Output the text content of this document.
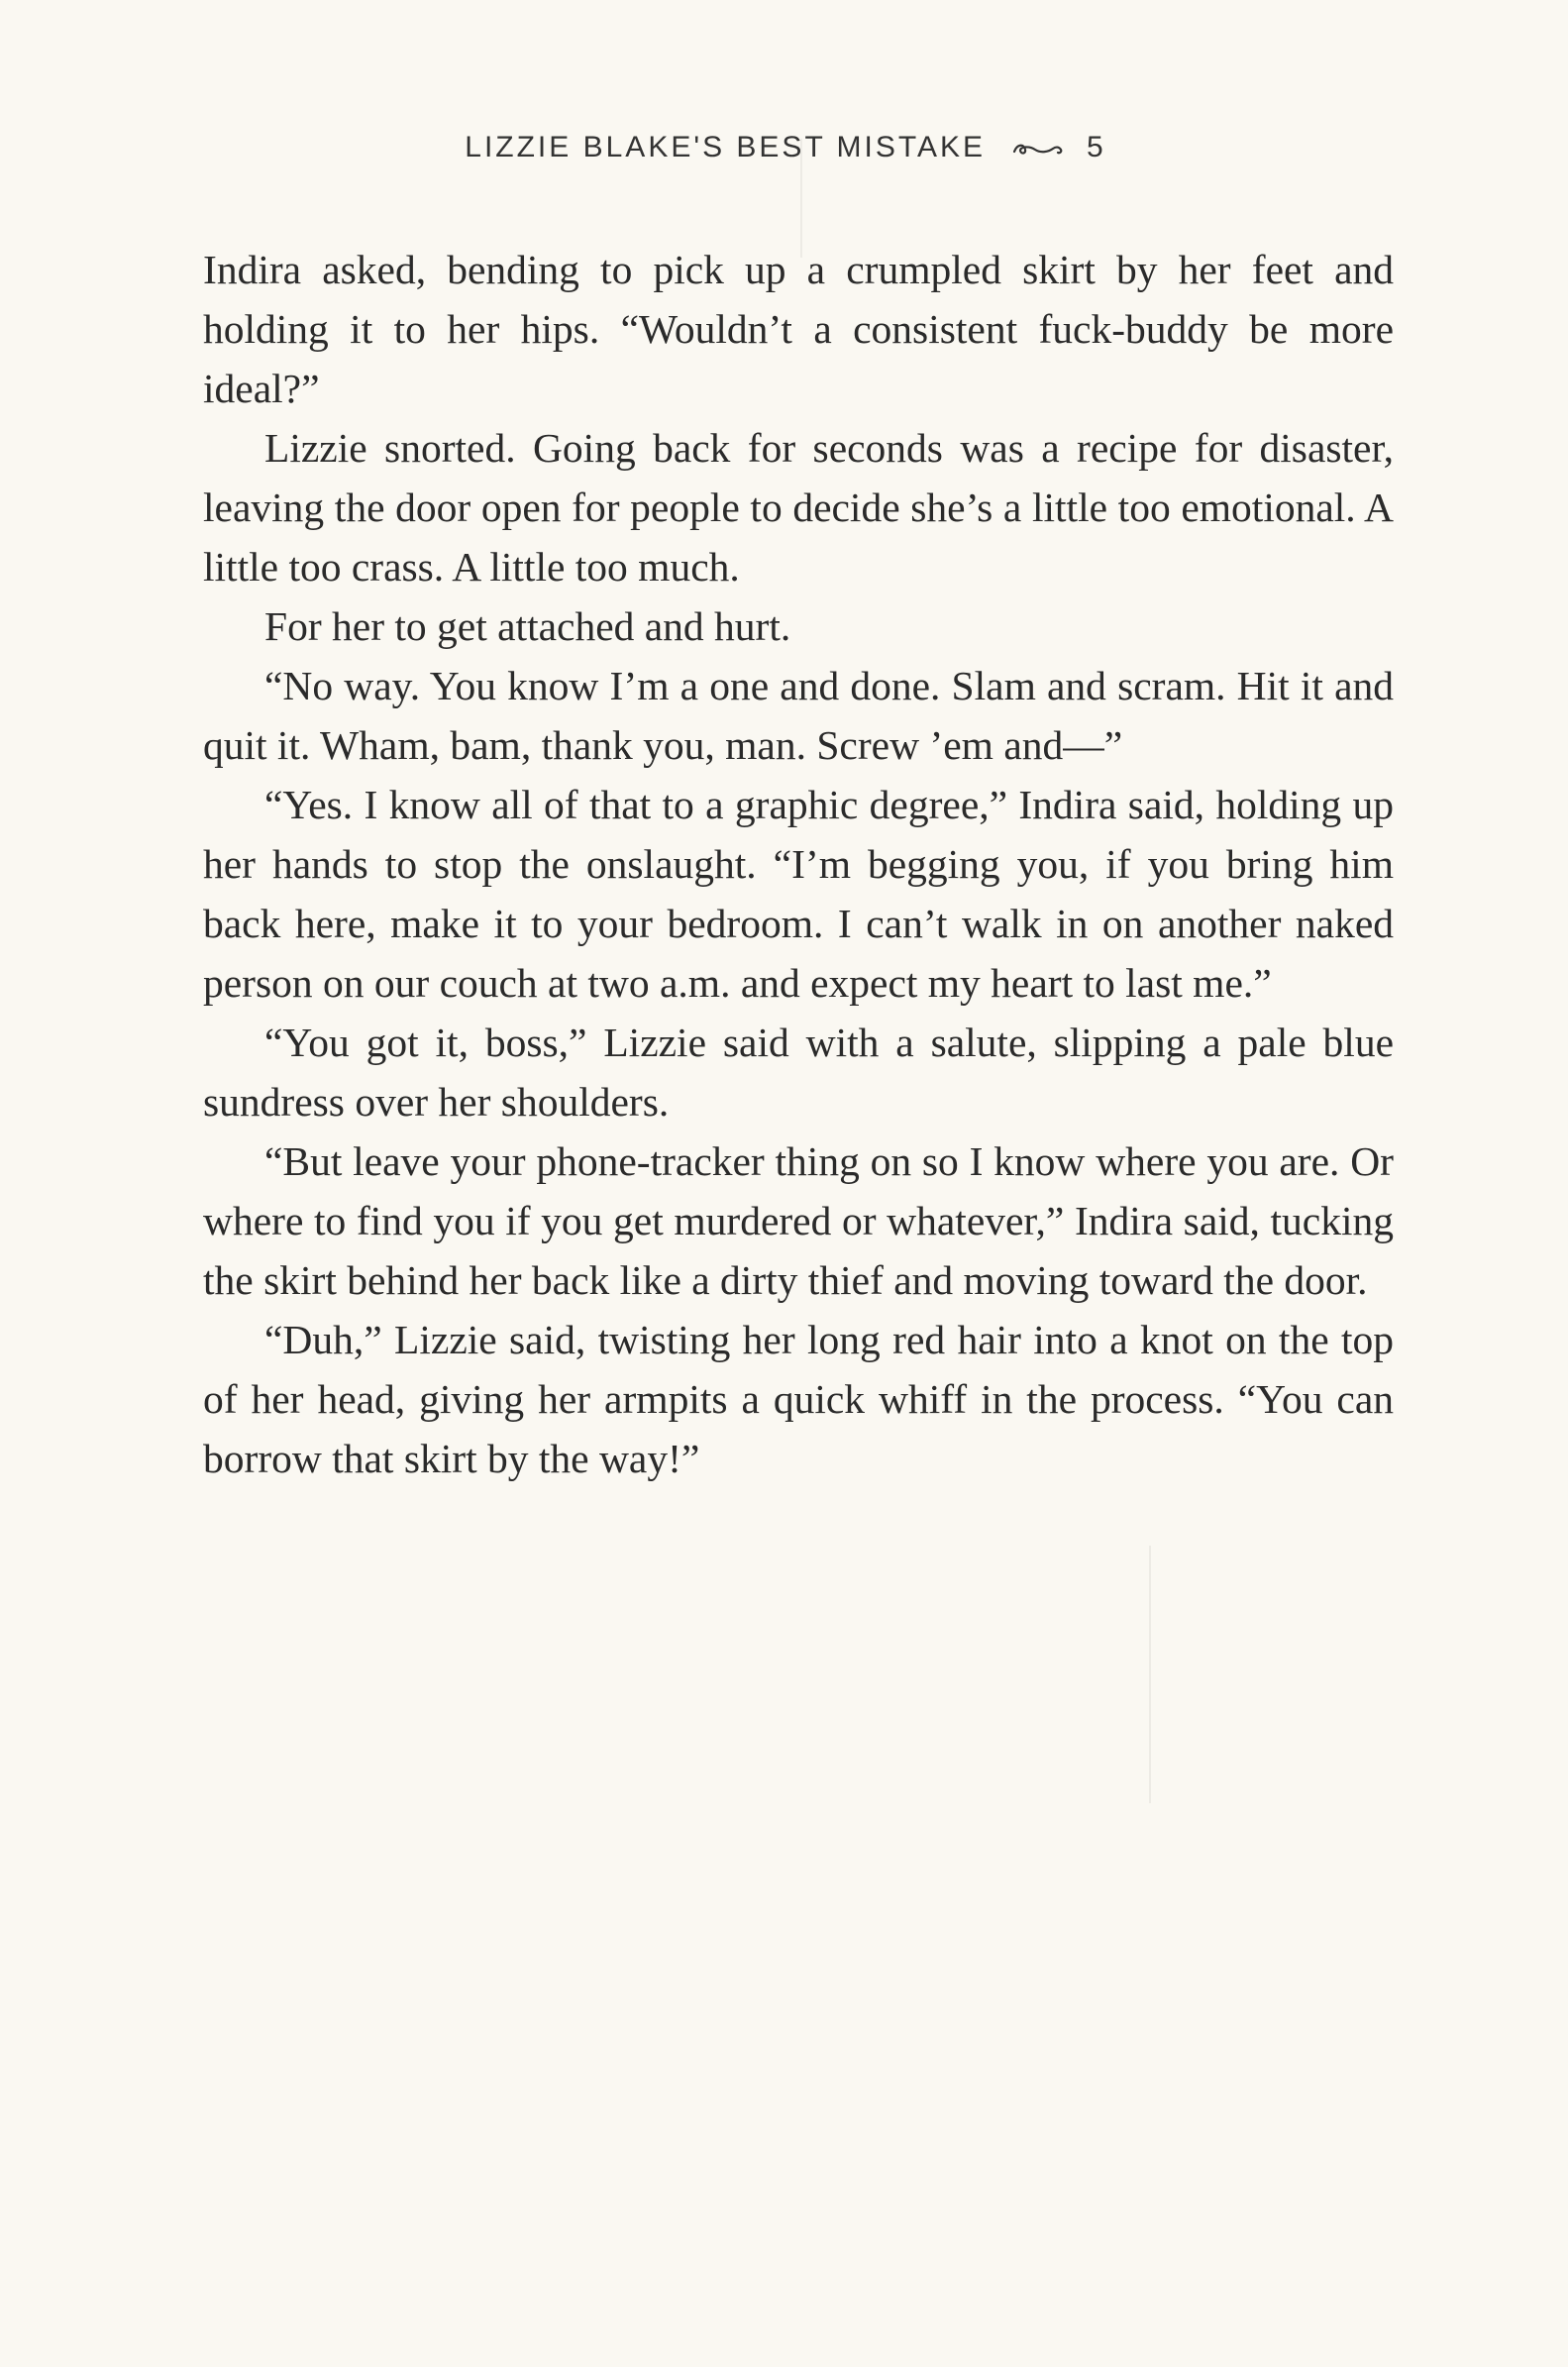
LIZZIE BLAKE'S BEST MISTAKE	5

Indira asked, bending to pick up a crumpled skirt by her feet and holding it to her hips. “Wouldn’t a consistent fuck-buddy be more ideal?”

Lizzie snorted. Going back for seconds was a recipe for disaster, leaving the door open for people to decide she’s a little too emotional. A little too crass. A little too much.

For her to get attached and hurt.

“No way. You know I’m a one and done. Slam and scram. Hit it and quit it. Wham, bam, thank you, man. Screw ’em and—”

“Yes. I know all of that to a graphic degree,” Indira said, holding up her hands to stop the onslaught. “I’m begging you, if you bring him back here, make it to your bedroom. I can’t walk in on another naked person on our couch at two a.m. and expect my heart to last me.”

“You got it, boss,” Lizzie said with a salute, slipping a pale blue sundress over her shoulders.

“But leave your phone-tracker thing on so I know where you are. Or where to find you if you get murdered or whatever,” Indira said, tucking the skirt behind her back like a dirty thief and moving toward the door.

“Duh,” Lizzie said, twisting her long red hair into a knot on the top of her head, giving her armpits a quick whiff in the process. “You can borrow that skirt by the way!”
